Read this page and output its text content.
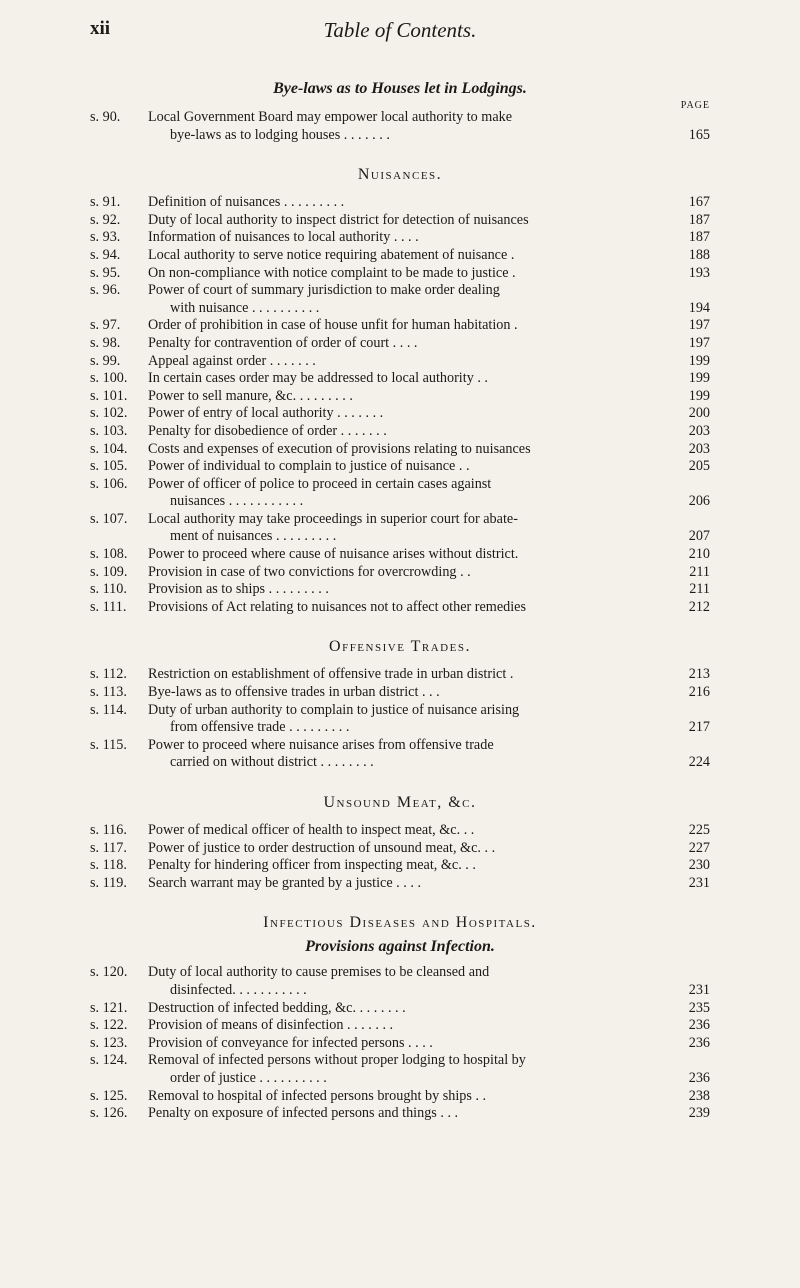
xii	Table of Contents.
Bye-laws as to Houses let in Lodgings.
PAGE
s. 90.	Local Government Board may empower local authority to make
bye-laws as to lodging houses . . . . . . .	165
Nuisances.
s. 91.	Definition of nuisances . . . . . . . . .	167
s. 92.	Duty of local authority to inspect district for detection of nuisances	187
s. 93.	Information of nuisances to local authority . . . .	187
s. 94.	Local authority to serve notice requiring abatement of nuisance .	188
s. 95.	On non-compliance with notice complaint to be made to justice .	193
s. 96.	Power of court of summary jurisdiction to make order dealing
with nuisance . . . . . . . . . .	194
s. 97.	Order of prohibition in case of house unfit for human habitation .	197
s. 98.	Penalty for contravention of order of court . . . .	197
s. 99.	Appeal against order . . . . . . .	199
s. 100.	In certain cases order may be addressed to local authority . .	199
s. 101.	Power to sell manure, &c. . . . . . . . .	199
s. 102.	Power of entry of local authority . . . . . . .	200
s. 103.	Penalty for disobedience of order . . . . . . .	203
s. 104.	Costs and expenses of execution of provisions relating to nuisances	203
s. 105.	Power of individual to complain to justice of nuisance . .	205
s. 106.	Power of officer of police to proceed in certain cases against
nuisances . . . . . . . . . . .	206
s. 107.	Local authority may take proceedings in superior court for abate-
ment of nuisances . . . . . . . . .	207
s. 108.	Power to proceed where cause of nuisance arises without district.	210
s. 109.	Provision in case of two convictions for overcrowding . .	211
s. 110.	Provision as to ships . . . . . . . . .	211
s. 111.	Provisions of Act relating to nuisances not to affect other remedies	212
Offensive Trades.
s. 112.	Restriction on establishment of offensive trade in urban district .	213
s. 113.	Bye-laws as to offensive trades in urban district . . .	216
s. 114.	Duty of urban authority to complain to justice of nuisance arising
from offensive trade . . . . . . . . .	217
s. 115.	Power to proceed where nuisance arises from offensive trade
carried on without district . . . . . . . .	224
Unsound Meat, &c.
s. 116.	Power of medical officer of health to inspect meat, &c. . .	225
s. 117.	Power of justice to order destruction of unsound meat, &c. . .	227
s. 118.	Penalty for hindering officer from inspecting meat, &c. . .	230
s. 119.	Search warrant may be granted by a justice . . . .	231
Infectious Diseases and Hospitals.
Provisions against Infection.
s. 120.	Duty of local authority to cause premises to be cleansed and
disinfected. . . . . . . . . . .	231
s. 121.	Destruction of infected bedding, &c. . . . . . . .	235
s. 122.	Provision of means of disinfection . . . . . . .	236
s. 123.	Provision of conveyance for infected persons . . . .	236
s. 124.	Removal of infected persons without proper lodging to hospital by
order of justice . . . . . . . . . .	236
s. 125.	Removal to hospital of infected persons brought by ships . .	238
s. 126.	Penalty on exposure of infected persons and things . . .	239
